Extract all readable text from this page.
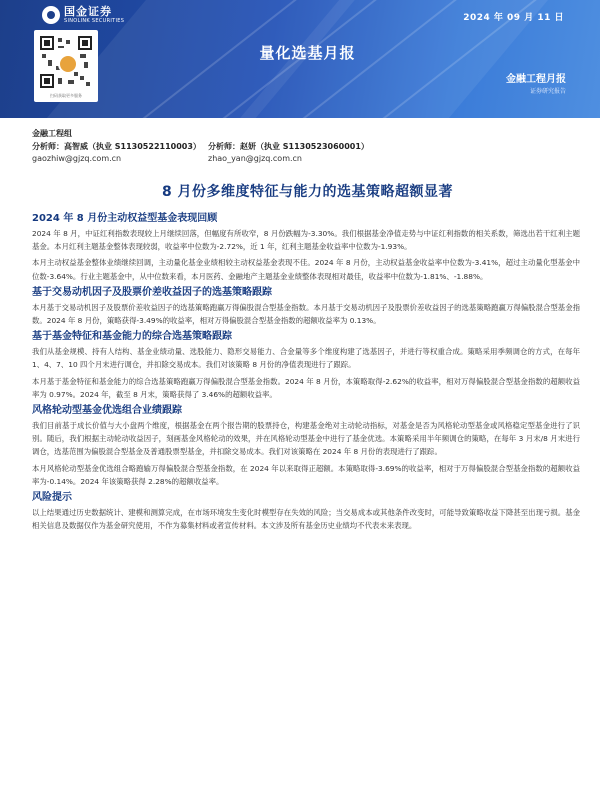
国金证券
SINOLINK SECURITIES	2024 年 09 月 11 日
扫码获取更多服务
量化选基月报
金融工程月报
证券研究报告
金融工程组
分析师：高智威（执业 S1130522110003） 分析师：赵妍（执业 S1130523060001）
gaozhiw@gjzq.com.cn	zhao_yan@gjzq.com.cn
8 月份多维度特征与能力的选基策略超额显著
2024 年 8 月份主动权益型基金表现回顾

2024 年 8 月，中证红利指数表现较上月继续回落，但幅度有所收窄，8 月份跌幅为-3.30%。我们根据基金净值走势与中证红利指数的相关系数，筛选出若干红利主题基金。本月红利主题基金整体表现较弱，收益率中位数为-2.72%，近 1 年，红利主题基金收益率中位数为-1.93%。

本月主动权益基金整体业绩继续回调，主动量化基金业绩相较主动权益基金表现不佳。2024 年 8 月份，主动权益基金收益率中位数为-3.41%，超过主动量化型基金中位数-3.64%。行业主题基金中，从中位数来看，本月医药、金融地产主题基金业绩整体表现相对最佳，收益率中位数为-1.81%、-1.88%。

基于交易动机因子及股票价差收益因子的选基策略跟踪

本月基于交易动机因子及股票价差收益因子的选基策略跑赢万得偏股混合型基金指数。本月基于交易动机因子及股票价差收益因子的选基策略跑赢万得偏股混合型基金指数。2024 年 8 月份，策略获得-3.49%的收益率，相对万得偏股混合型基金指数的超额收益率为 0.13%。

基于基金特征和基金能力的综合选基策略跟踪

我们从基金规模、持有人结构、基金业绩动量、选股能力、隐形交易能力、合金量等多个维度构建了选基因子，并进行等权重合成。策略采用季频调仓的方式，在每年 1、4、7、10 四个月末进行调仓，并扣除交易成本。我们对该策略 8 月份的净值表现进行了跟踪。

本月基于基金特征和基金能力的综合选基策略跑赢万得偏股混合型基金指数。2024 年 8 月份，本策略取得-2.62%的收益率，相对万得偏股混合型基金指数的超额收益率为 0.97%。2024 年，截至 8 月末，策略获得了 3.46%的超额收益率。

风格轮动型基金优选组合业绩跟踪

我们目前基于成长价值与大小盘两个维度，根据基金在两个报告期的股票持仓，构建基金绝对主动轮动指标，对基金是否为风格轮动型基金或风格稳定型基金进行了识别。随后，我们根据主动轮动收益因子，刻画基金风格轮动的效果，并在风格轮动型基金中进行了基金优选。本策略采用半年频调仓的策略，在每年 3 月末/8 月末进行调仓，选基范围为偏股混合型基金及普通股票型基金，并扣除交易成本。我们对该策略在 2024 年 8 月份的表现进行了跟踪。

本月风格轮动型基金优选组合略跑输万得偏股混合型基金指数，在 2024 年以来取得正超额。本策略取得-3.69%的收益率，相对于万得偏股混合型基金指数的超额收益率为-0.14%。2024 年该策略获得 2.28%的超额收益率。

风险提示

以上结果通过历史数据统计、建模和测算完成，在市场环境发生变化时模型存在失效的风险；当交易成本或其他条件改变时，可能导致策略收益下降甚至出现亏损。基金相关信息及数据仅作为基金研究使用，不作为募集材料或者宣传材料。本文涉及所有基金历史业绩均不代表未来表现。
